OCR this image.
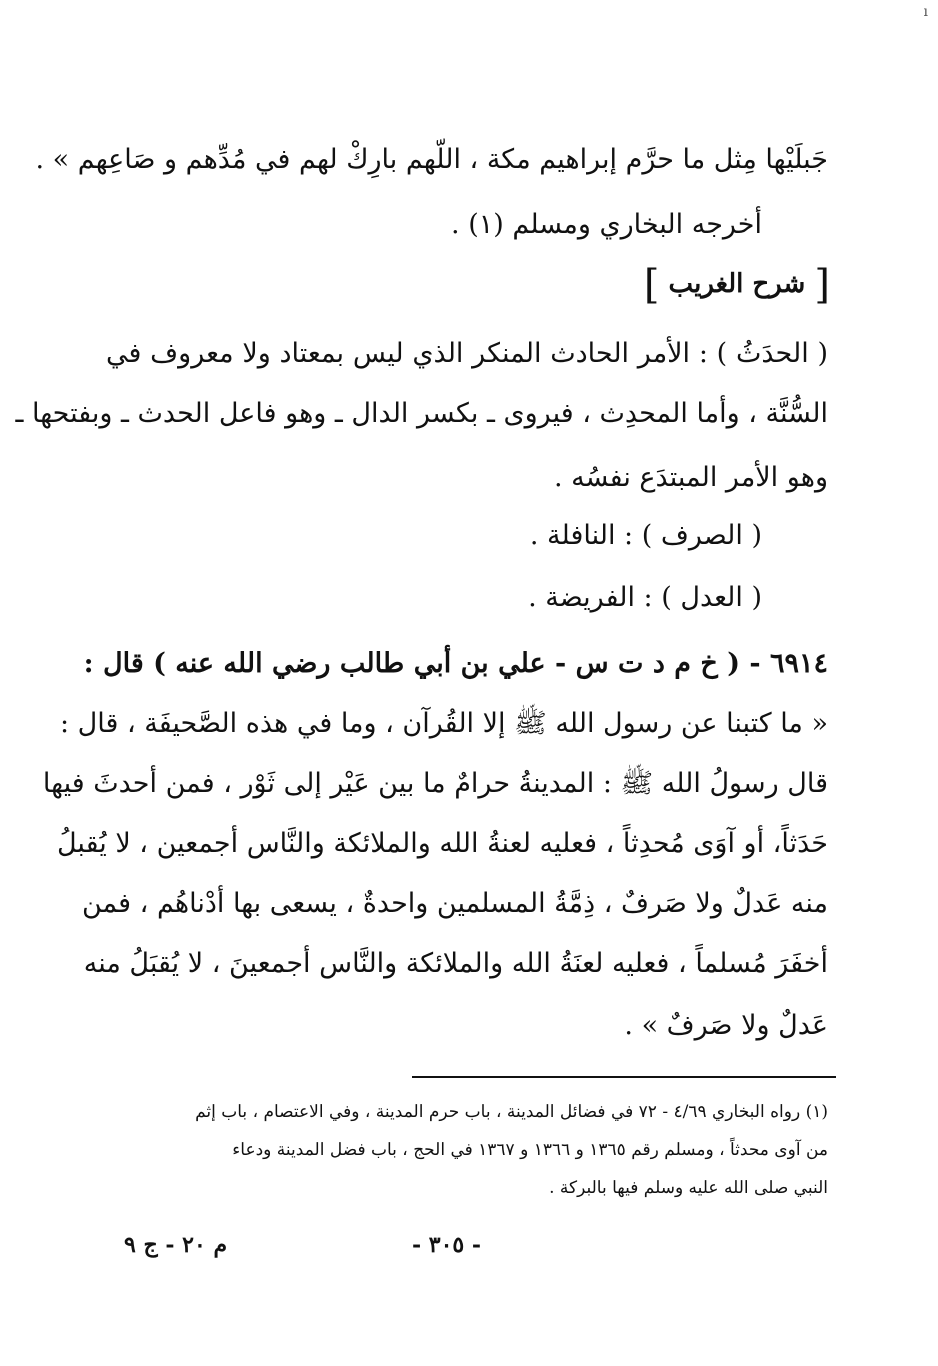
ı
جَبلَيْها مِثل ما حرَّم إبراهيم مكة ، اللّهم بارِكْ لهم في مُدِّهم و صَاعِهم » .
أخرجه البخاري ومسلم (١) .
[ شرح الغريب ]
( الحدَثُ ) : الأمر الحادث المنكر الذي ليس بمعتاد ولا معروف في
السُّنَّة ، وأما المحدِث ، فيروى ـ بكسر الدال ـ وهو فاعل الحدث ـ وبفتحها ـ
وهو الأمر المبتدَع نفسُه .
( الصرف ) : النافلة .
( العدل ) : الفريضة .
٦٩١٤ - ( خ م د ت س - علي بن أبي طالب رضي الله عنه ) قال :
« ما كتبنا عن رسول الله ﷺ إلا القُرآن ، وما في هذه الصَّحيفَة ، قال :
قال رسولُ الله ﷺ : المدينةُ حرامٌ ما بين عَيْر إلى ثَوْر ، فمن أحدثَ فيها
حَدَثاً، أو آوَى مُحدِثاً ، فعليه لعنةُ الله والملائكة والنَّاس أجمعين ، لا يُقبلُ
منه عَدلٌ ولا صَرفٌ ، ذِمَّةُ المسلمين واحدةٌ ، يسعى بها أدْناهُم ، فمن
أخفَرَ مُسلماً ، فعليه لعنَةُ الله والملائكة والنَّاس أجمعينَ ، لا يُقبَلُ منه
عَدلٌ ولا صَرفٌ » .
(١) رواه البخاري ٤/٦٩ - ٧٢ في فضائل المدينة ، باب حرم المدينة ، وفي الاعتصام ، باب إثم
من آوى محدثاً ، ومسلم رقم ١٣٦٥ و ١٣٦٦ و ١٣٦٧ في الحج ، باب فضل المدينة ودعاء
النبي صلى الله عليه وسلم فيها بالبركة .
- ٣٠٥ -
م ٢٠ - ج ٩
